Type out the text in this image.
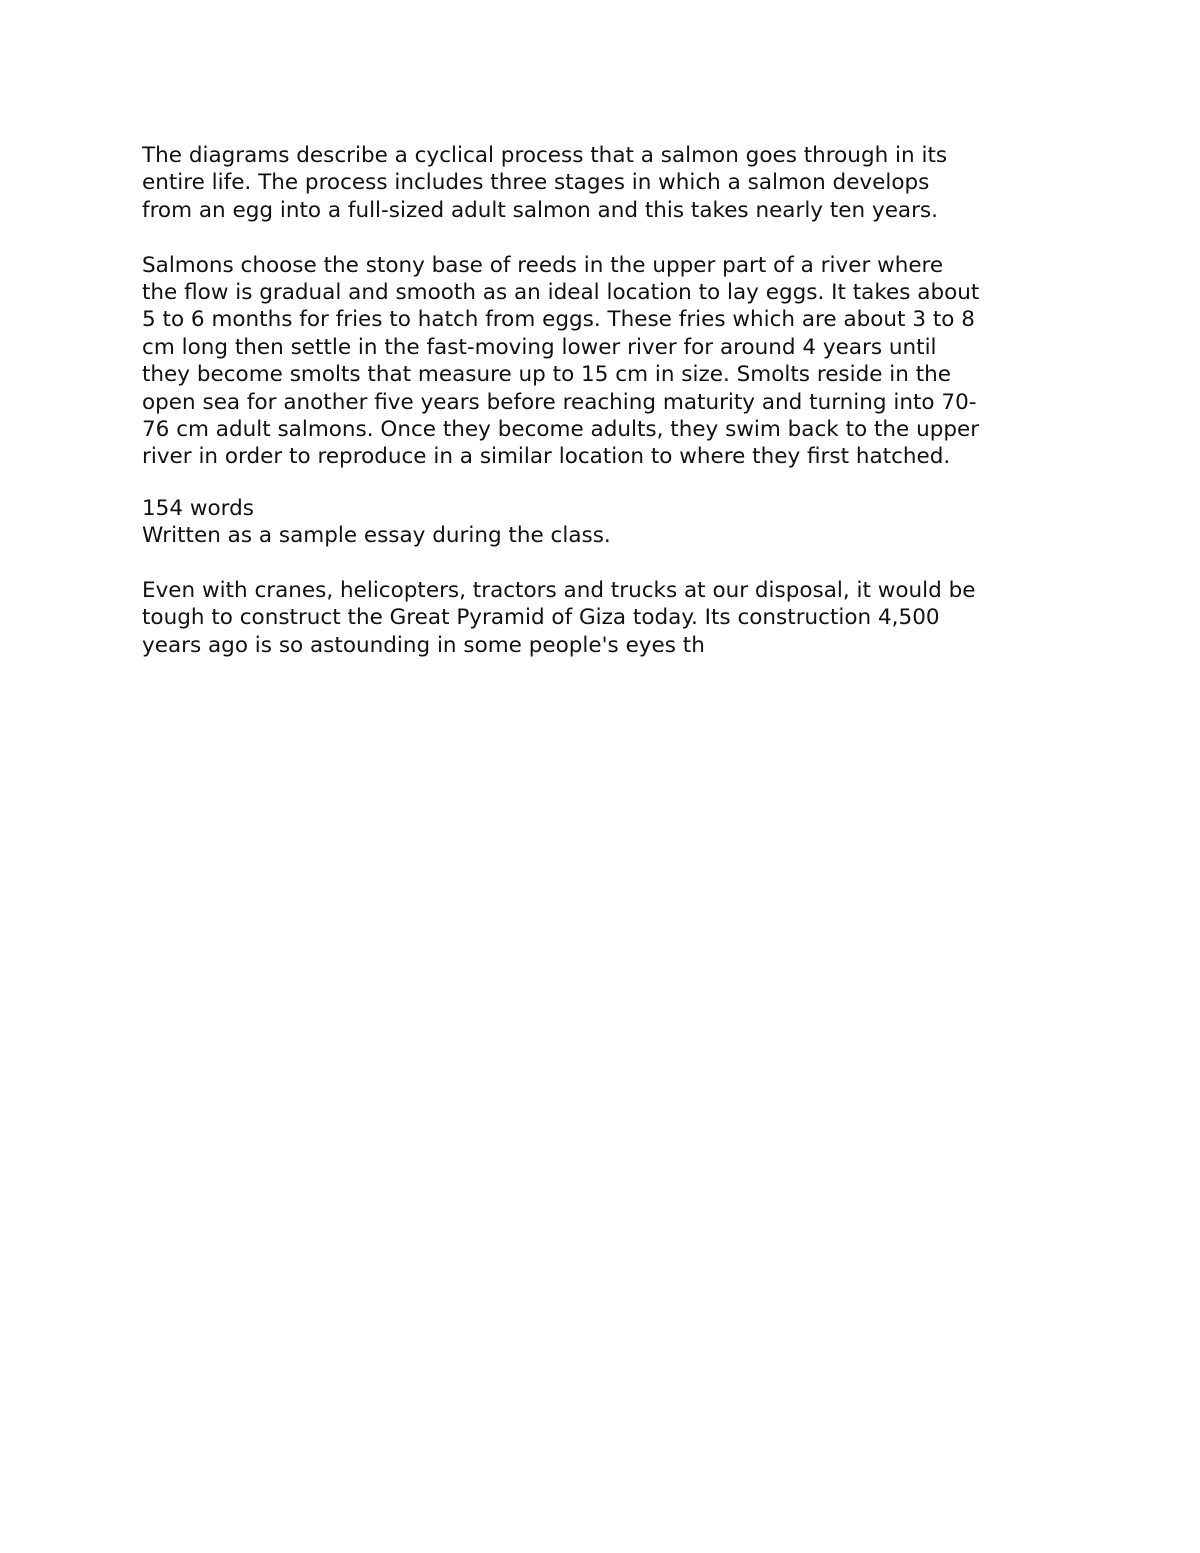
The diagrams describe a cyclical process that a salmon goes through in its
entire life. The process includes three stages in which a salmon develops
from an egg into a full-sized adult salmon and this takes nearly ten years.
Salmons choose the stony base of reeds in the upper part of a river where
the flow is gradual and smooth as an ideal location to lay eggs. It takes about
5 to 6 months for fries to hatch from eggs. These fries which are about 3 to 8
cm long then settle in the fast-moving lower river for around 4 years until
they become smolts that measure up to 15 cm in size. Smolts reside in the
open sea for another five years before reaching maturity and turning into 70-
76 cm adult salmons. Once they become adults, they swim back to the upper
river in order to reproduce in a similar location to where they first hatched.
154 words
Written as a sample essay during the class.
Even with cranes, helicopters, tractors and trucks at our disposal, it would be
tough to construct the Great Pyramid of Giza today. Its construction 4,500
years ago is so astounding in some people's eyes th
